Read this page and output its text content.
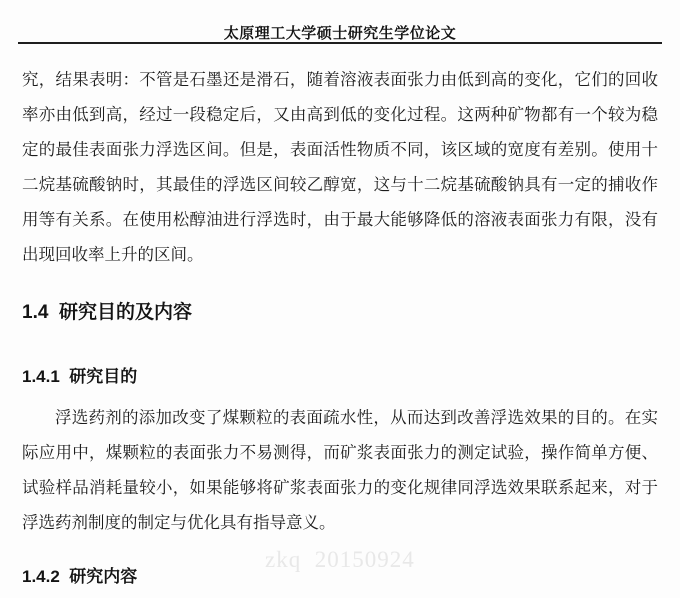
太原理工大学硕士研究生学位论文

究，结果表明：不管是石墨还是滑石，随着溶液表面张力由低到高的变化，它们的回收
率亦由低到高，经过一段稳定后，又由高到低的变化过程。这两种矿物都有一个较为稳
定的最佳表面张力浮选区间。但是，表面活性物质不同，该区域的宽度有差别。使用十
二烷基硫酸钠时，其最佳的浮选区间较乙醇宽，这与十二烷基硫酸钠具有一定的捕收作
用等有关系。在使用松醇油进行浮选时，由于最大能够降低的溶液表面张力有限，没有
出现回收率上升的区间。

1.4  研究目的及内容
1.4.1  研究目的

浮选药剂的添加改变了煤颗粒的表面疏水性，从而达到改善浮选效果的目的。在实
际应用中，煤颗粒的表面张力不易测得，而矿浆表面张力的测定试验，操作简单方便、
试验样品消耗量较小，如果能够将矿浆表面张力的变化规律同浮选效果联系起来，对于
浮选药剂制度的制定与优化具有指导意义。

1.4.2  研究内容
zkq  20150924
